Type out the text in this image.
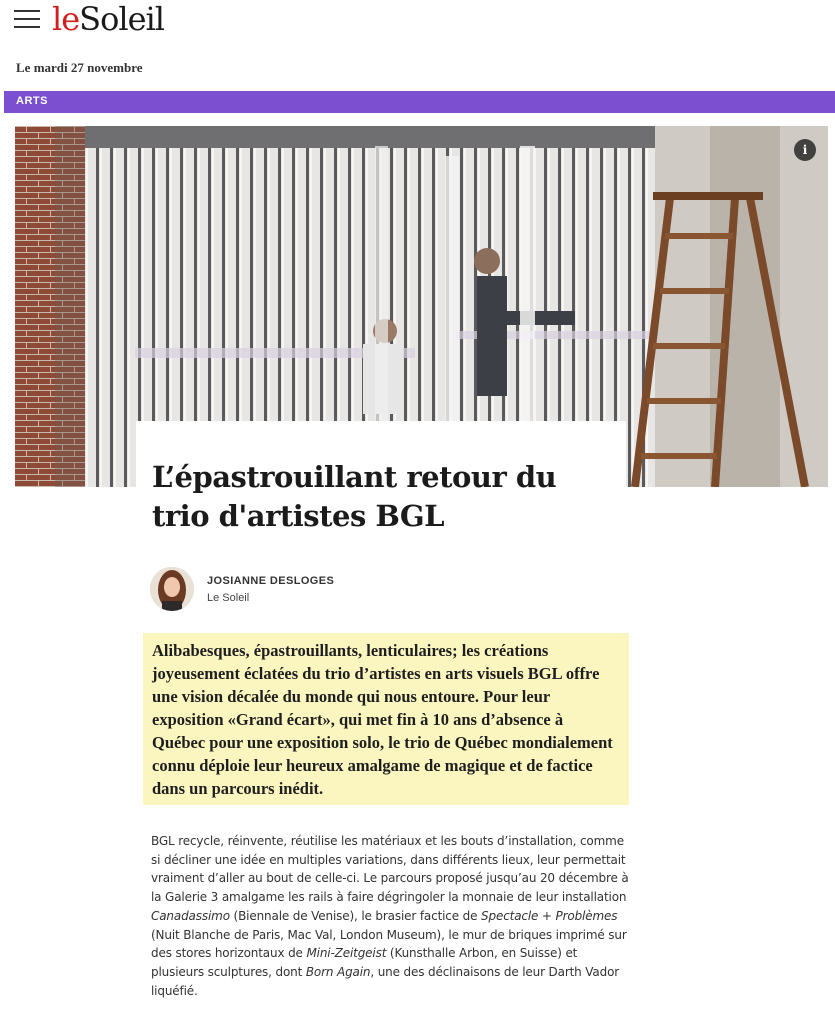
leSoleil
Le mardi 27 novembre
ARTS
i
L’épastrouillant retour du
trio d'artistes BGL
JOSIANNE DESLOGES
Le Soleil

Alibabesques, épastrouillants, lenticulaires; les créations joyeusement éclatées du trio d’artistes en arts visuels BGL offre une vision décalée du monde qui nous entoure. Pour leur exposition «Grand écart», qui met fin à 10 ans d’absence à Québec pour une exposition solo, le trio de Québec mondialement connu déploie leur heureux amalgame de magique et de factice dans un parcours inédit.

BGL recycle, réinvente, réutilise les matériaux et les bouts d’installation, comme si décliner une idée en multiples variations, dans différents lieux, leur permettait vraiment d’aller au bout de celle-ci. Le parcours proposé jusqu’au 20 décembre à la Galerie 3 amalgame les rails à faire dégringoler la monnaie de leur installation Canadassimo (Biennale de Venise), le brasier factice de Spectacle + Problèmes (Nuit Blanche de Paris, Mac Val, London Museum), le mur de briques imprimé sur des stores horizontaux de Mini-Zeitgeist (Kunsthalle Arbon, en Suisse) et plusieurs sculptures, dont Born Again, une des déclinaisons de leur Darth Vador liquéfié.
